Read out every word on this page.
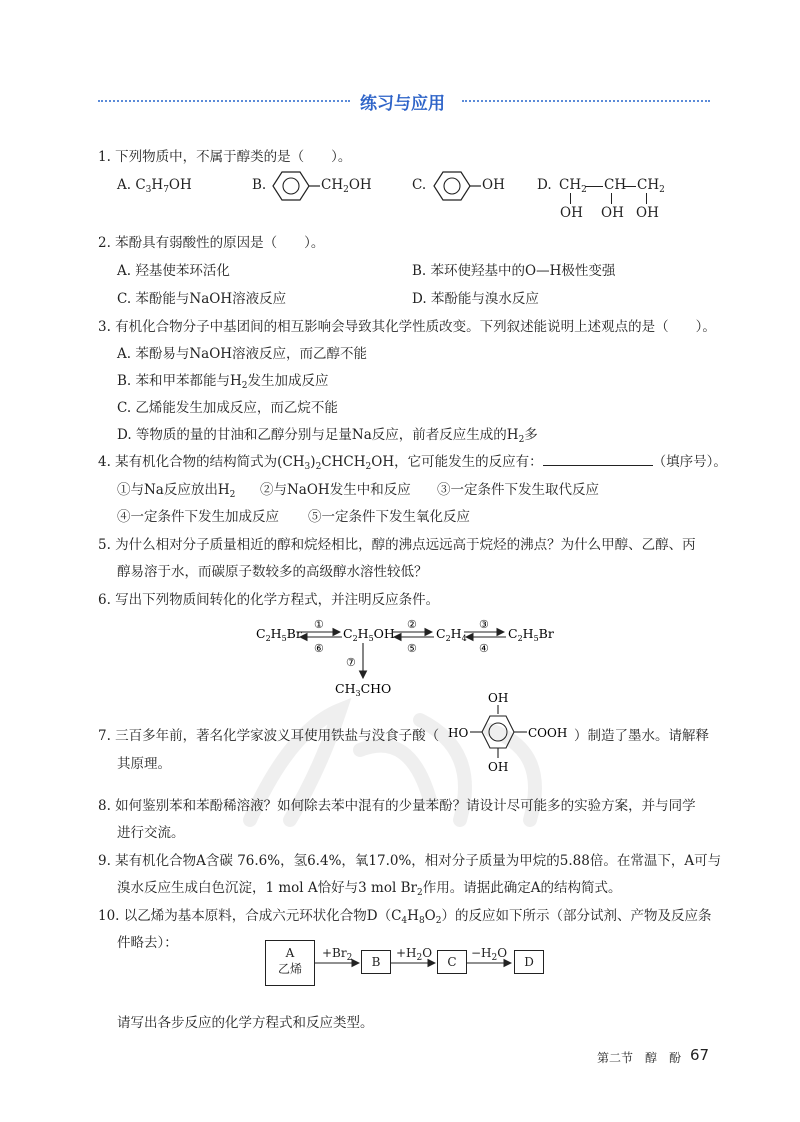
练习与应用
1. 下列物质中，不属于醇类的是（　　）。
A. $C_3H_7OH$	B.	$CH_2OH$	C.	OH D. $CH_2$ CH $CH_2$
OH OH OH
2. 苯酚具有弱酸性的原因是（　　）。
A. 羟基使苯环活化	B. 苯环使羟基中的O—H极性变强
C. 苯酚能与NaOH溶液反应	D. 苯酚能与溴水反应
3. 有机化合物分子中基团间的相互影响会导致其化学性质改变。下列叙述能说明上述观点的是（　　）。
A. 苯酚易与NaOH溶液反应，而乙醇不能
B. 苯和甲苯都能与$H_2$发生加成反应
C. 乙烯能发生加成反应，而乙烷不能
D. 等物质的量的甘油和乙醇分别与足量Na反应，前者反应生成的$H_2$多
4. 某有机化合物的结构简式为$(CH_3)_2CHCH_2OH$，它可能发生的反应有：	（填序号）。
①与Na反应放出$H_2$ ②与NaOH发生中和反应 ③一定条件下发生取代反应
④一定条件下发生加成反应 ⑤一定条件下发生氧化反应
5. 为什么相对分子质量相近的醇和烷烃相比，醇的沸点远远高于烷烃的沸点？为什么甲醇、乙醇、丙
醇易溶于水，而碳原子数较多的高级醇水溶性较低？
6. 写出下列物质间转化的化学方程式，并注明反应条件。
$C_2H_5Br$
①
⑥
$C_2H_5OH$
②
⑤
$C_2H_4$
③
④
$C_2H_5Br$
⑦
$CH_3CHO$
7. 三百多年前，著名化学家波义耳使用铁盐与没食子酸（
OH
HO	COOH
OH
）制造了墨水。请解释
其原理。
8. 如何鉴别苯和苯酚稀溶液？如何除去苯中混有的少量苯酚？请设计尽可能多的实验方案，并与同学
进行交流。
9. 某有机化合物A含碳 76.6%，氢6.4%，氧17.0%，相对分子质量为甲烷的5.88倍。在常温下，A可与
溴水反应生成白色沉淀，1 mol A恰好与3 mol $Br_2$作用。请据此确定A的结构简式。
10. 以乙烯为基本原料，合成六元环状化合物$D(C_4H_8O_2)$的反应如下所示（部分试剂、产物及反应条
件略去）：
A
乙烯
$+Br_2$	B
$+H_2O$
C
$-H_2O$
D
请写出各步反应的化学方程式和反应类型。
第二节　醇　酚 67
